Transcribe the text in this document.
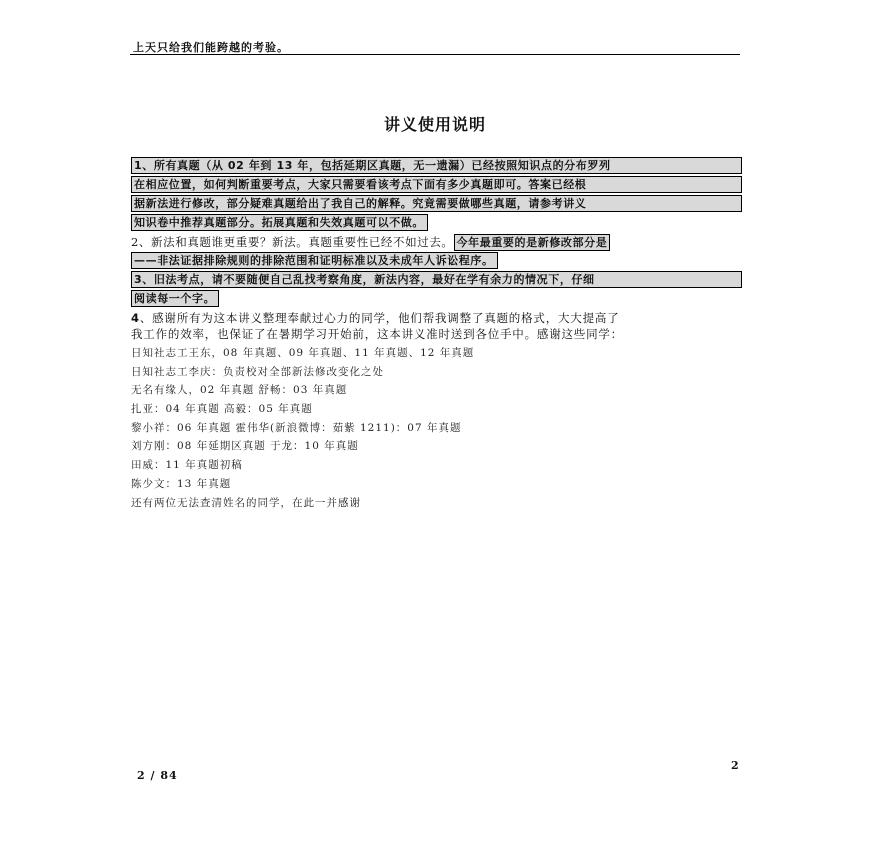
上天只给我们能跨越的考验。
讲义使用说明
1、所有真题（从 02 年到 13 年，包括延期区真题，无一遗漏）已经按照知识点的分布罗列
在相应位置，如何判断重要考点，大家只需要看该考点下面有多少真题即可。答案已经根
据新法进行修改，部分疑难真题给出了我自己的解释。究竟需要做哪些真题，请参考讲义
知识卷中推荐真题部分。拓展真题和失效真题可以不做。
2、新法和真题谁更重要？新法。真题重要性已经不如过去。 今年最重要的是新修改部分是
——非法证据排除规则的排除范围和证明标准以及未成年人诉讼程序。
3、旧法考点，请不要随便自己乱找考察角度，新法内容，最好在学有余力的情况下，仔细
阅读每一个字。
4、感谢所有为这本讲义整理奉献过心力的同学，他们帮我调整了真题的格式，大大提高了
我工作的效率，也保证了在暑期学习开始前，这本讲义准时送到各位手中。感谢这些同学：
日知社志工王东，08 年真题、09 年真题、11 年真题、12 年真题
日知社志工李庆：负责校对全部新法修改变化之处
无名有缘人，02 年真题 舒畅：03 年真题
扎亚：04 年真题 高毅：05 年真题
黎小祥：06 年真题 霍伟华(新浪微博：茹紫 1211)：07 年真题
刘方刚：08 年延期区真题 于龙：10 年真题
田威：11 年真题初稿
陈少文：13 年真题
还有两位无法查清姓名的同学，在此一并感谢
2
2 / 84
